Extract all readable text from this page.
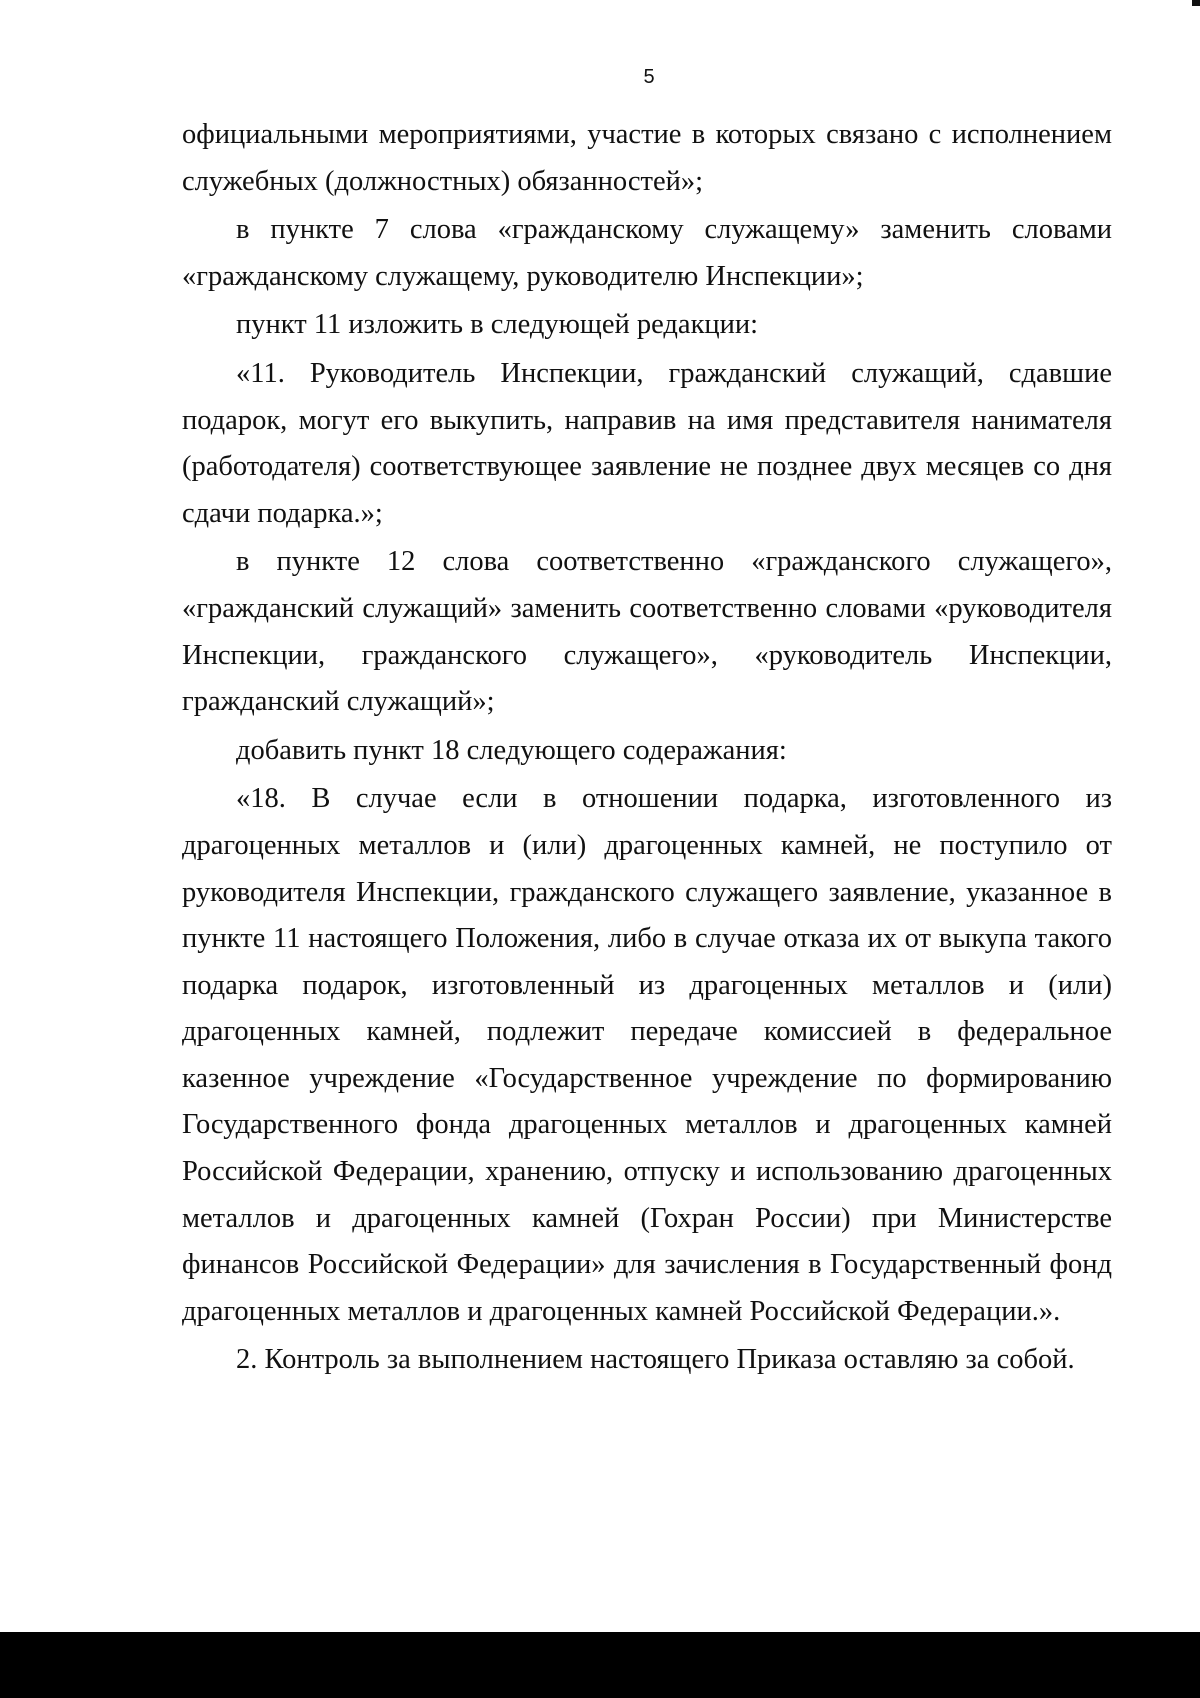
5

официальными мероприятиями, участие в которых связано с исполнением служебных (должностных) обязанностей»;

в пункте 7 слова «гражданскому служащему» заменить словами «гражданскому служащему, руководителю Инспекции»;

пункт 11 изложить в следующей редакции:

«11. Руководитель Инспекции, гражданский служащий, сдавшие подарок, могут его выкупить, направив на имя представителя нанимателя (работодателя) соответствующее заявление не позднее двух месяцев со дня сдачи подарка.»;

в пункте 12 слова соответственно «гражданского служащего», «гражданский служащий» заменить соответственно словами «руководителя Инспекции, гражданского служащего», «руководитель Инспекции, гражданский служащий»;

добавить пункт 18 следующего содеражания:

«18. В случае если в отношении подарка, изготовленного из драгоценных металлов и (или) драгоценных камней, не поступило от руководителя Инспекции, гражданского служащего заявление, указанное в пункте 11 настоящего Положения, либо в случае отказа их от выкупа такого подарка подарок, изготовленный из драгоценных металлов и (или) драгоценных камней, подлежит передаче комиссией в федеральное казенное учреждение «Государственное учреждение по формированию Государственного фонда драгоценных металлов и драгоценных камней Российской Федерации, хранению, отпуску и использованию драгоценных металлов и драгоценных камней (Гохран России) при Министерстве финансов Российской Федерации» для зачисления в Государственный фонд драгоценных металлов и драгоценных камней Российской Федерации.».

2. Контроль за выполнением настоящего Приказа оставляю за собой.
